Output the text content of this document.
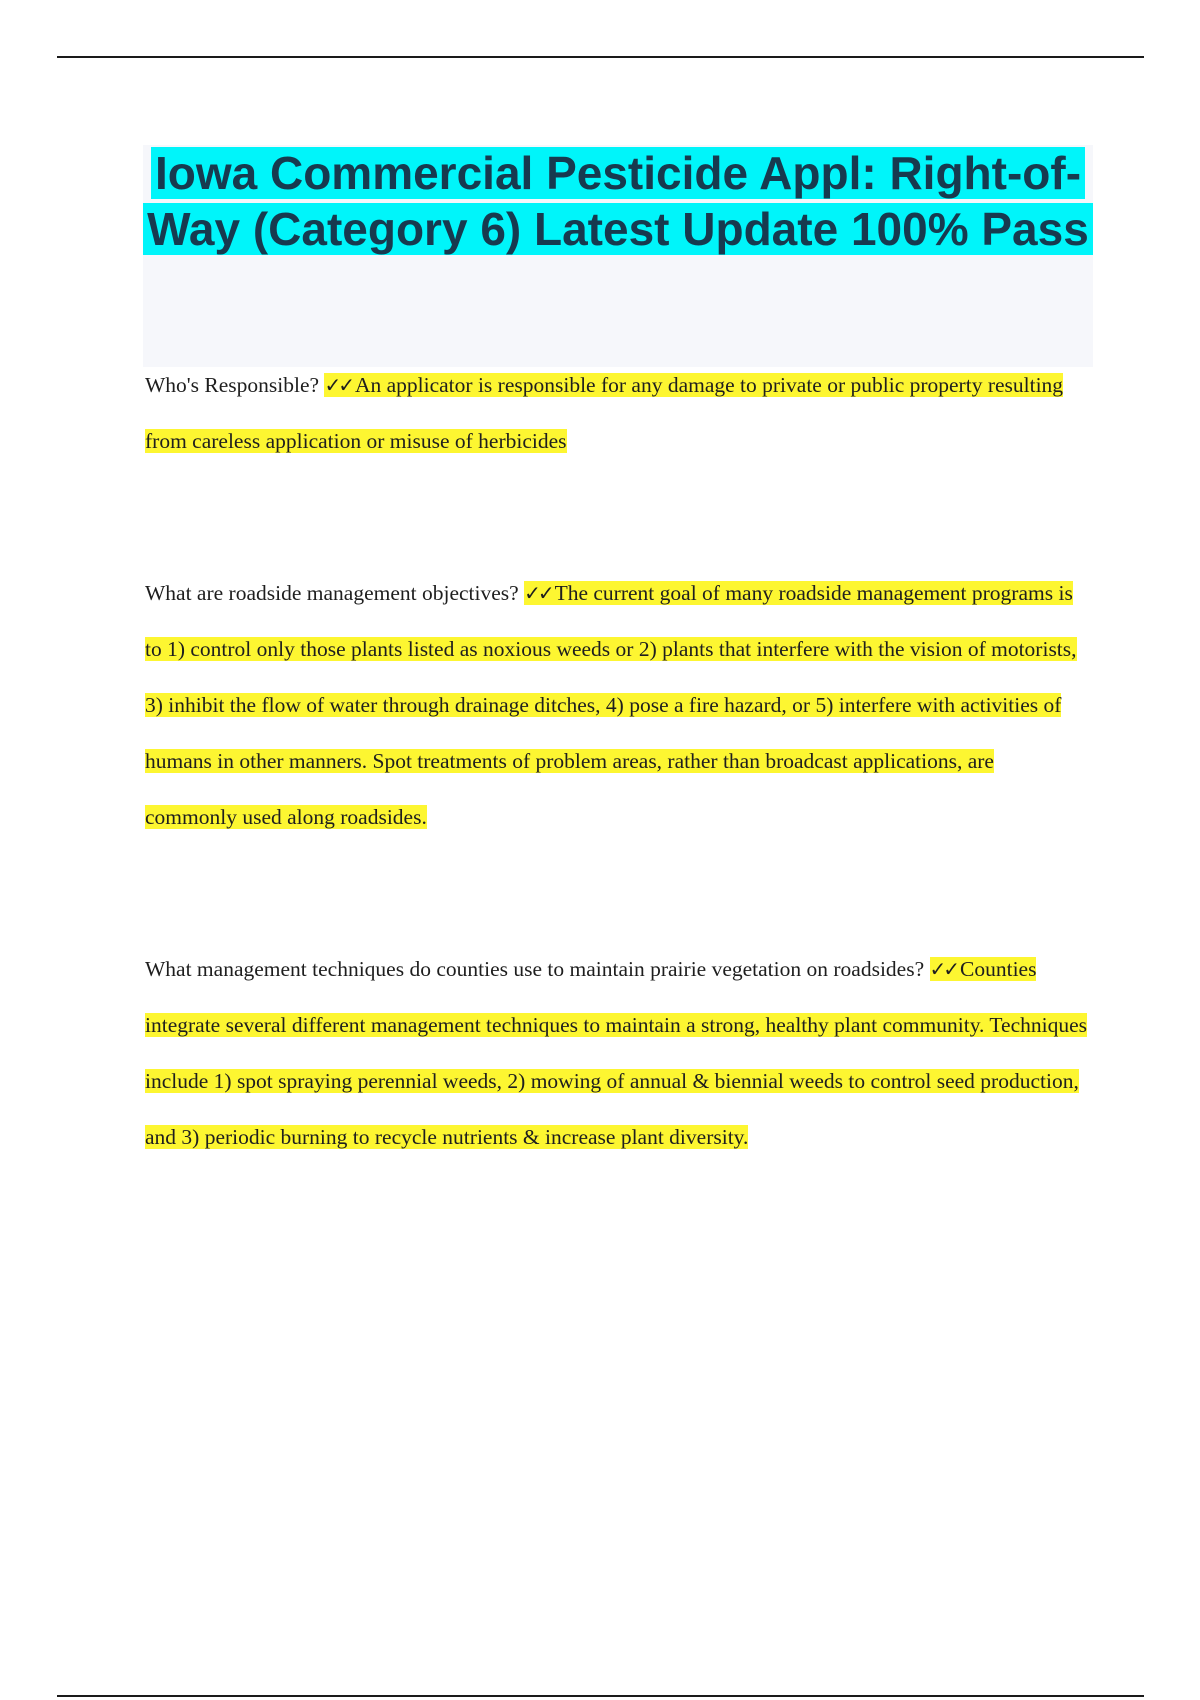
Iowa Commercial Pesticide Appl: Right-of-Way (Category 6) Latest Update 100% Pass

Who's Responsible? ✓✓ An applicator is responsible for any damage to private or public property resulting from careless application or misuse of herbicides

What are roadside management objectives? ✓✓ The current goal of many roadside management programs is to 1) control only those plants listed as noxious weeds or 2) plants that interfere with the vision of motorists, 3) inhibit the flow of water through drainage ditches, 4) pose a fire hazard, or 5) interfere with activities of humans in other manners. Spot treatments of problem areas, rather than broadcast applications, are commonly used along roadsides.

What management techniques do counties use to maintain prairie vegetation on roadsides? ✓✓ Counties integrate several different management techniques to maintain a strong, healthy plant community. Techniques include 1) spot spraying perennial weeds, 2) mowing of annual & biennial weeds to control seed production, and 3) periodic burning to recycle nutrients & increase plant diversity.
